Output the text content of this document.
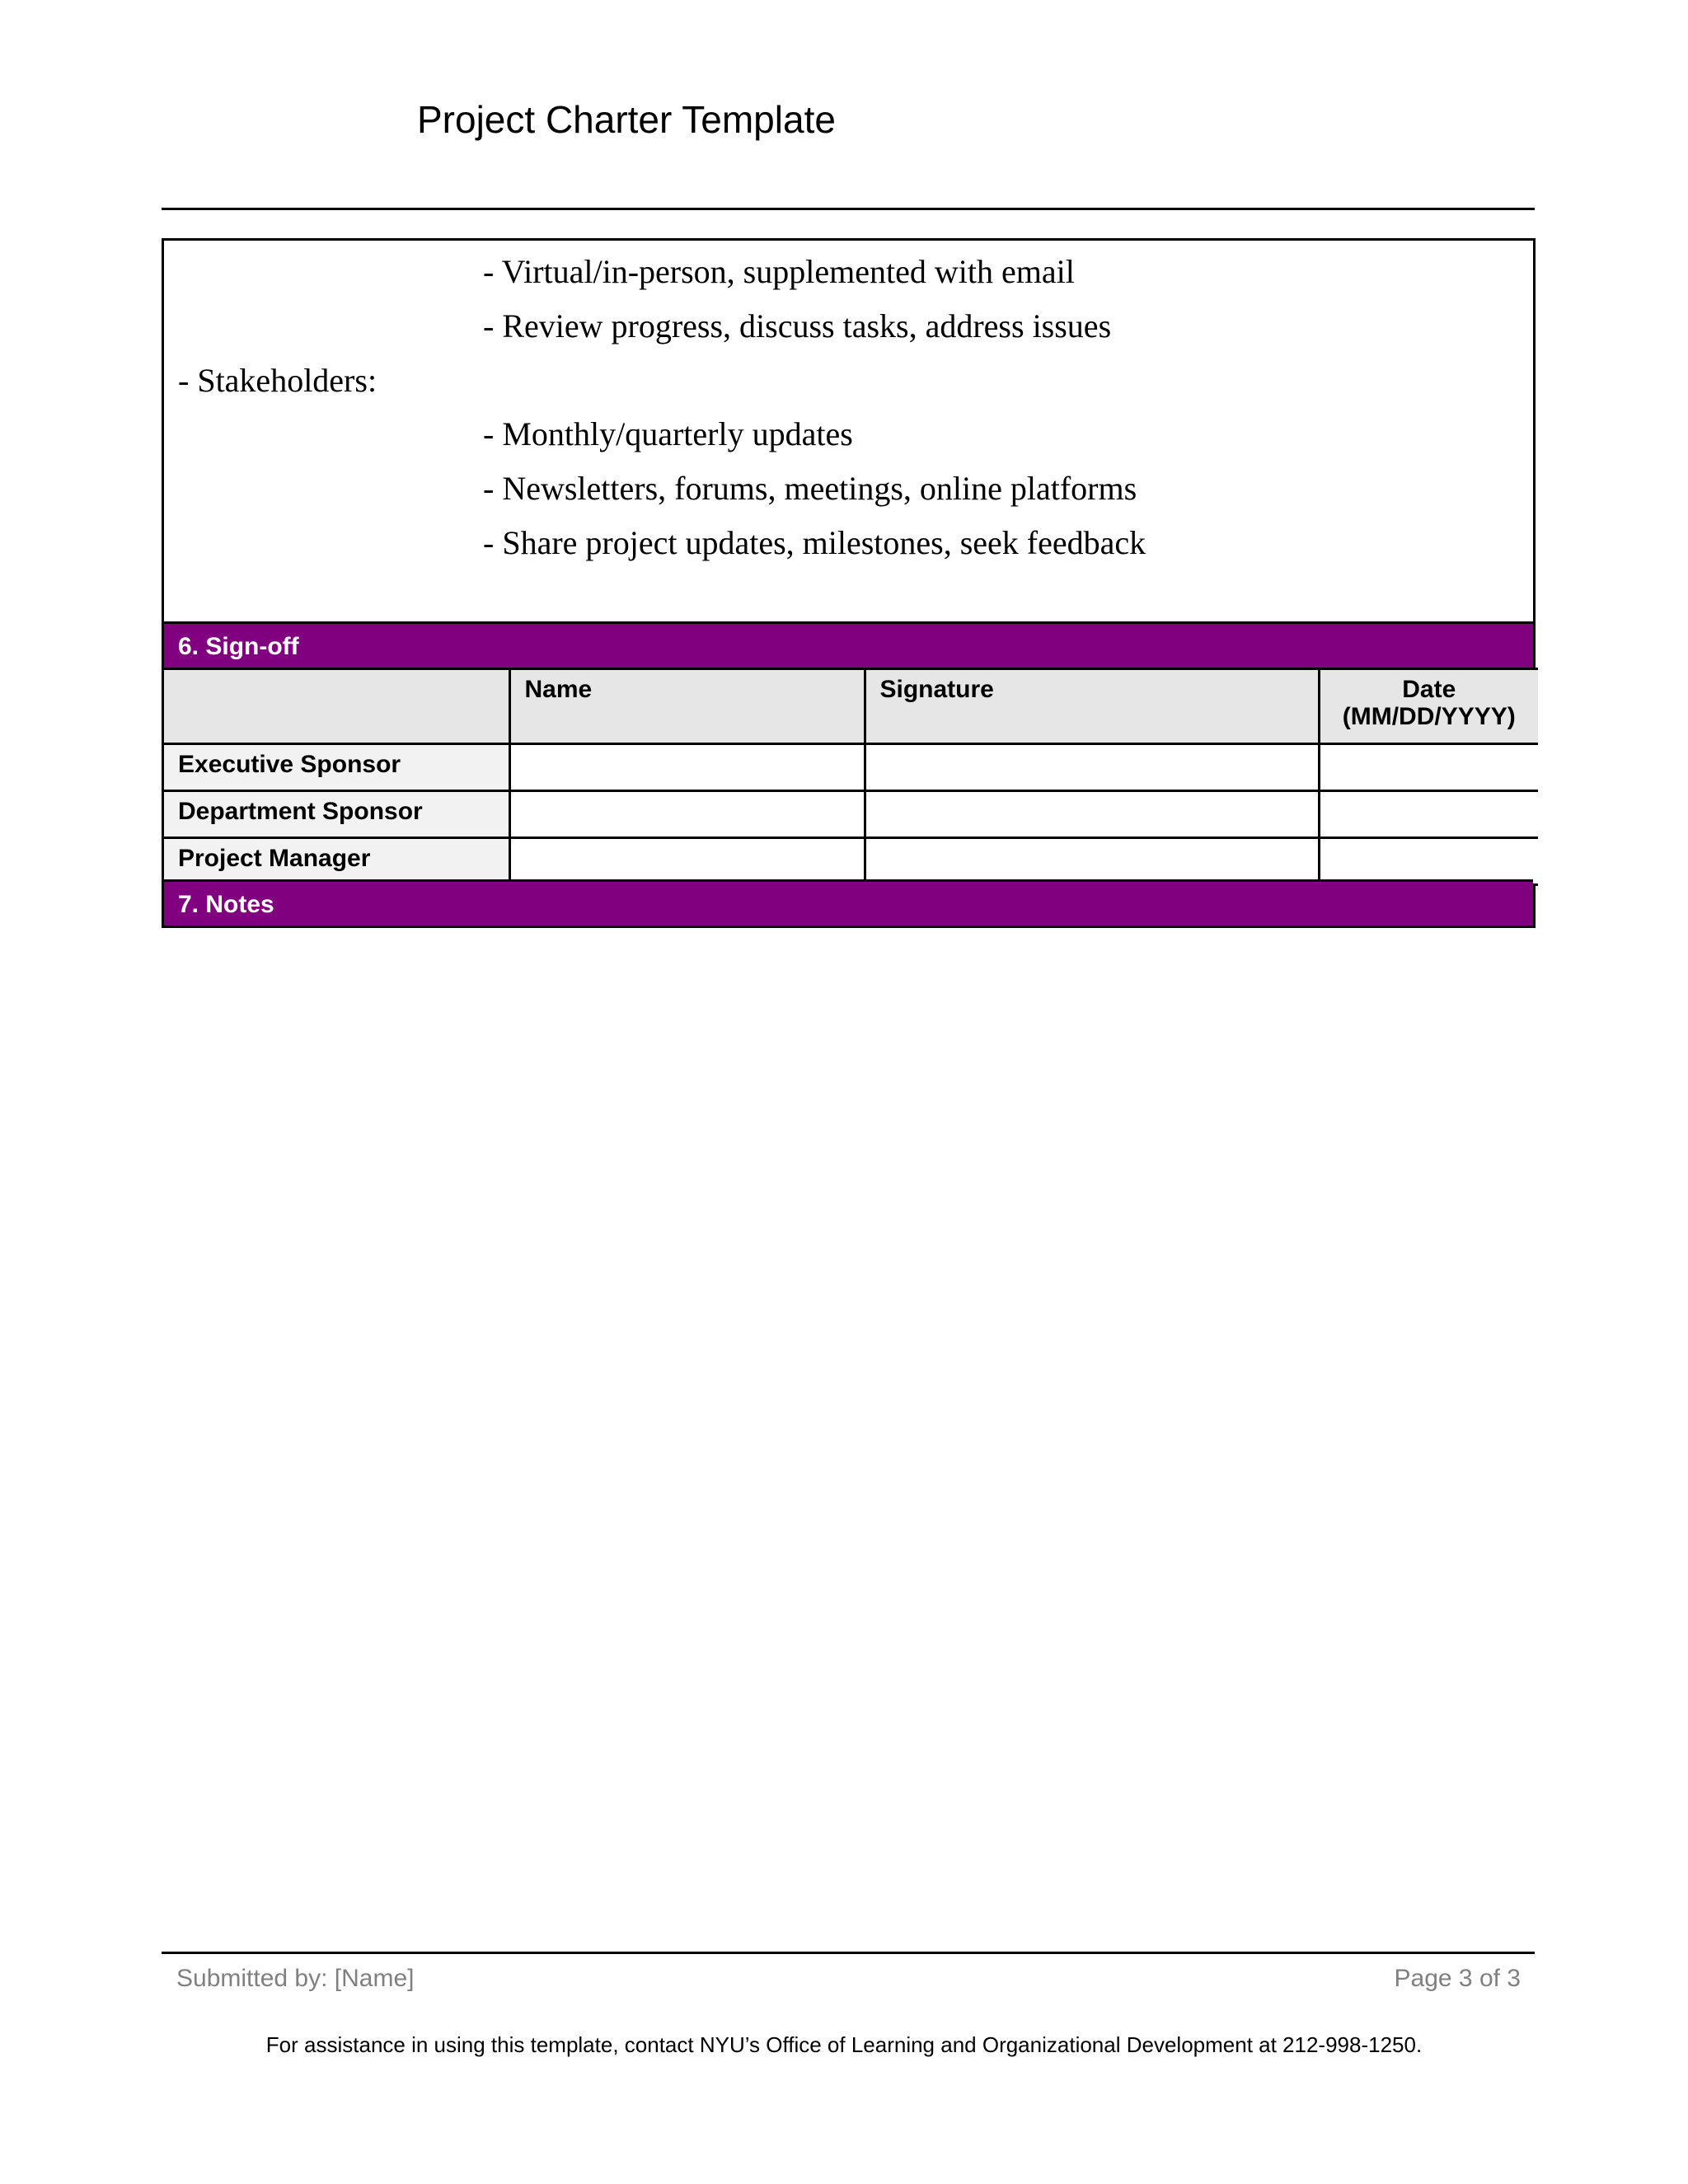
Project Charter Template
- Virtual/in-person, supplemented with email
- Review progress, discuss tasks, address issues
- Stakeholders:
- Monthly/quarterly updates
- Newsletters, forums, meetings, online platforms
- Share project updates, milestones, seek feedback
6. Sign-off
	Name	Signature	Date
(MM/DD/YYYY)
Executive Sponsor			
Department Sponsor			
Project Manager			
7. Notes
Submitted by: [Name]	Page 3 of 3
For assistance in using this template, contact NYU’s Office of Learning and Organizational Development at 212-998-1250.
